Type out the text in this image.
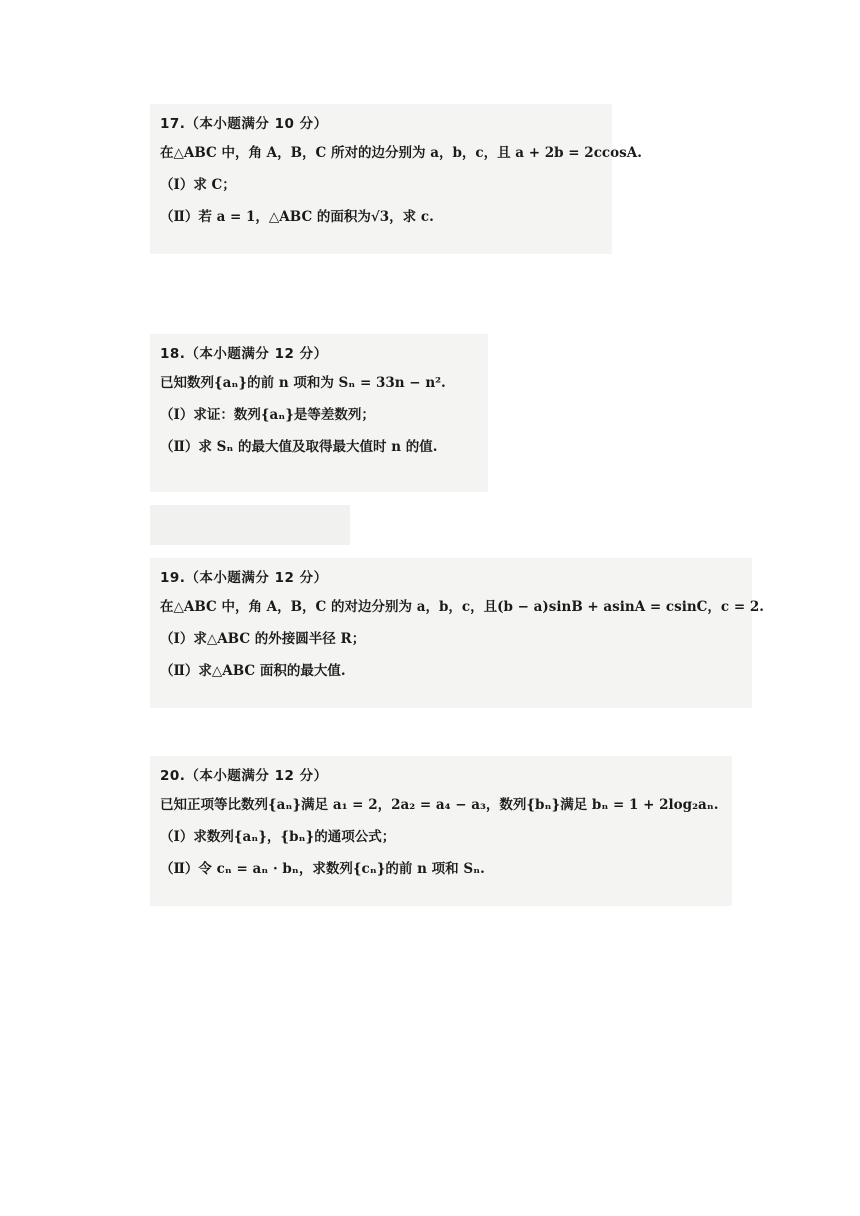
17.（本小题满分 10 分）
在△ABC 中，角 A，B，C 所对的边分别为 a，b，c，且 a + 2b = 2ccosA.
（Ⅰ）求 C；
（Ⅱ）若 a = 1，△ABC 的面积为√3，求 c.
18.（本小题满分 12 分）
已知数列{aₙ}的前 n 项和为 Sₙ = 33n − n².
（Ⅰ）求证：数列{aₙ}是等差数列；
（Ⅱ）求 Sₙ 的最大值及取得最大值时 n 的值.
19.（本小题满分 12 分）
在△ABC 中，角 A，B，C 的对边分别为 a，b，c，且(b − a)sinB + asinA = csinC，c = 2.
（Ⅰ）求△ABC 的外接圆半径 R；
（Ⅱ）求△ABC 面积的最大值.
20.（本小题满分 12 分）
已知正项等比数列{aₙ}满足 a₁ = 2，2a₂ = a₄ − a₃，数列{bₙ}满足 bₙ = 1 + 2log₂aₙ.
（Ⅰ）求数列{aₙ}，{bₙ}的通项公式；
（Ⅱ）令 cₙ = aₙ · bₙ，求数列{cₙ}的前 n 项和 Sₙ.
